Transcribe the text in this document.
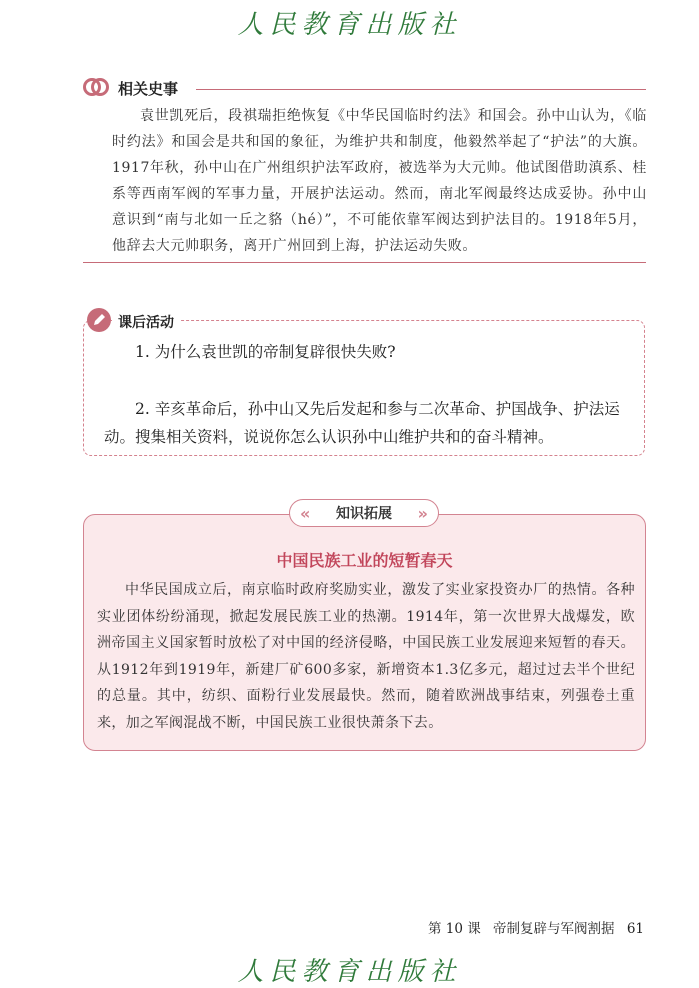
人民教育出版社
相关史事
袁世凯死后，段祺瑞拒绝恢复《中华民国临时约法》和国会。孙中山认为，《临时约法》和国会是共和国的象征，为维护共和制度，他毅然举起了“护法”的大旗。1917年秋，孙中山在广州组织护法军政府，被选举为大元帅。他试图借助滇系、桂系等西南军阀的军事力量，开展护法运动。然而，南北军阀最终达成妥协。孙中山意识到“南与北如一丘之貉（hé）”，不可能依靠军阀达到护法目的。1918年5月，他辞去大元帅职务，离开广州回到上海，护法运动失败。
课后活动
1. 为什么袁世凯的帝制复辟很快失败?
2. 辛亥革命后，孙中山又先后发起和参与二次革命、护国战争、护法运动。搜集相关资料，说说你怎么认识孙中山维护共和的奋斗精神。
« 知识拓展 »
中国民族工业的短暂春天
中华民国成立后，南京临时政府奖励实业，激发了实业家投资办厂的热情。各种实业团体纷纷涌现，掀起发展民族工业的热潮。1914年，第一次世界大战爆发，欧洲帝国主义国家暂时放松了对中国的经济侵略，中国民族工业发展迎来短暂的春天。从1912年到1919年，新建厂矿600多家，新增资本1.3亿多元，超过过去半个世纪的总量。其中，纺织、面粉行业发展最快。然而，随着欧洲战事结束，列强卷土重来，加之军阀混战不断，中国民族工业很快萧条下去。
第 10 课 帝制复辟与军阀割据 61
人民教育出版社
